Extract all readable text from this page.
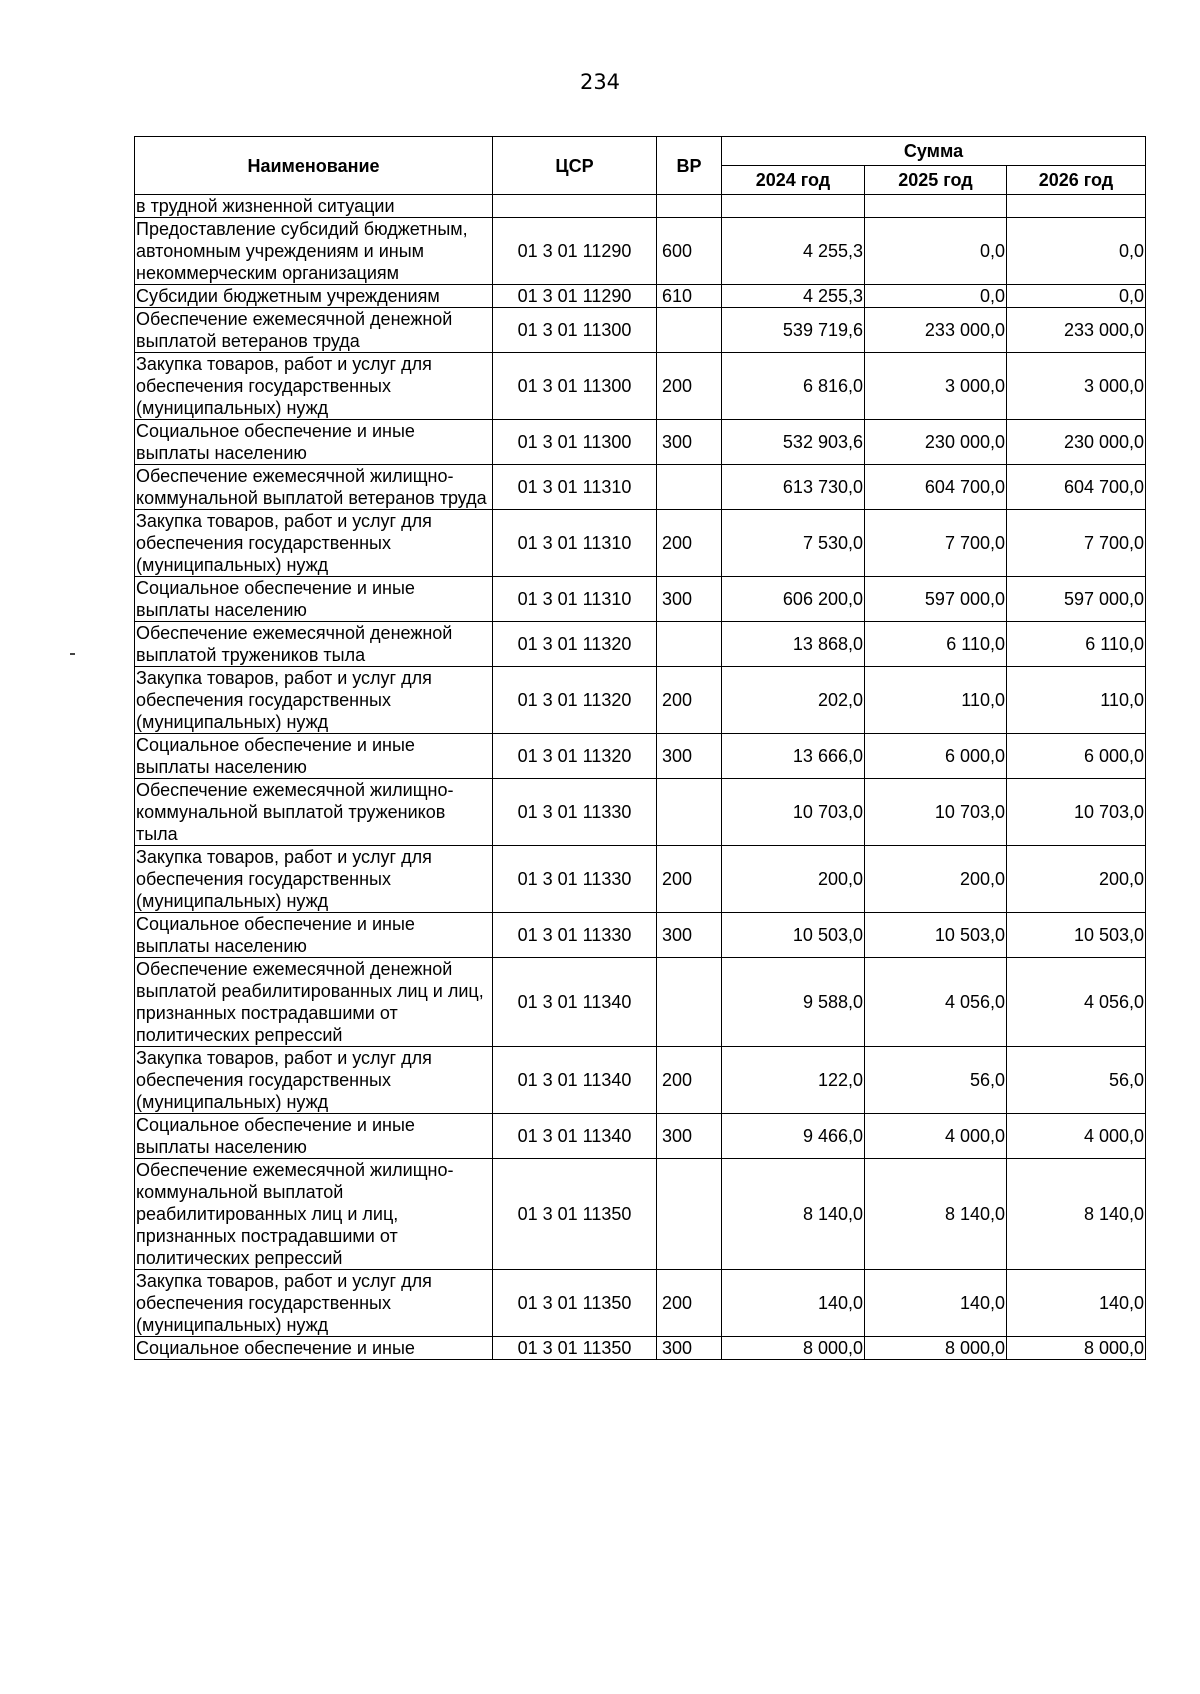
234
Наименование	ЦСР	ВР	Сумма		
			2024 год	2025 год	2026 год
в трудной жизненной ситуации					
Предоставление субсидий бюджетным, автономным учреждениям и иным некоммерческим организациям	01 3 01 11290	600	4 255,3	0,0	0,0
Субсидии бюджетным учреждениям	01 3 01 11290	610	4 255,3	0,0	0,0
Обеспечение ежемесячной денежной выплатой ветеранов труда	01 3 01 11300		539 719,6	233 000,0	233 000,0
Закупка товаров, работ и услуг для обеспечения государственных (муниципальных) нужд	01 3 01 11300	200	6 816,0	3 000,0	3 000,0
Социальное обеспечение и иные выплаты населению	01 3 01 11300	300	532 903,6	230 000,0	230 000,0
Обеспечение ежемесячной жилищно-коммунальной выплатой ветеранов труда	01 3 01 11310		613 730,0	604 700,0	604 700,0
Закупка товаров, работ и услуг для обеспечения государственных (муниципальных) нужд	01 3 01 11310	200	7 530,0	7 700,0	7 700,0
Социальное обеспечение и иные выплаты населению	01 3 01 11310	300	606 200,0	597 000,0	597 000,0
Обеспечение ежемесячной денежной выплатой тружеников тыла	01 3 01 11320		13 868,0	6 110,0	6 110,0
Закупка товаров, работ и услуг для обеспечения государственных (муниципальных) нужд	01 3 01 11320	200	202,0	110,0	110,0
Социальное обеспечение и иные выплаты населению	01 3 01 11320	300	13 666,0	6 000,0	6 000,0
Обеспечение ежемесячной жилищно-коммунальной выплатой тружеников тыла	01 3 01 11330		10 703,0	10 703,0	10 703,0
Закупка товаров, работ и услуг для обеспечения государственных (муниципальных) нужд	01 3 01 11330	200	200,0	200,0	200,0
Социальное обеспечение и иные выплаты населению	01 3 01 11330	300	10 503,0	10 503,0	10 503,0
Обеспечение ежемесячной денежной выплатой реабилитированных лиц и лиц, признанных пострадавшими от политических репрессий	01 3 01 11340		9 588,0	4 056,0	4 056,0
Закупка товаров, работ и услуг для обеспечения государственных (муниципальных) нужд	01 3 01 11340	200	122,0	56,0	56,0
Социальное обеспечение и иные выплаты населению	01 3 01 11340	300	9 466,0	4 000,0	4 000,0
Обеспечение ежемесячной жилищно-коммунальной выплатой реабилитированных лиц и лиц, признанных пострадавшими от политических репрессий	01 3 01 11350		8 140,0	8 140,0	8 140,0
Закупка товаров, работ и услуг для обеспечения государственных (муниципальных) нужд	01 3 01 11350	200	140,0	140,0	140,0
Социальное обеспечение и иные	01 3 01 11350	300	8 000,0	8 000,0	8 000,0
